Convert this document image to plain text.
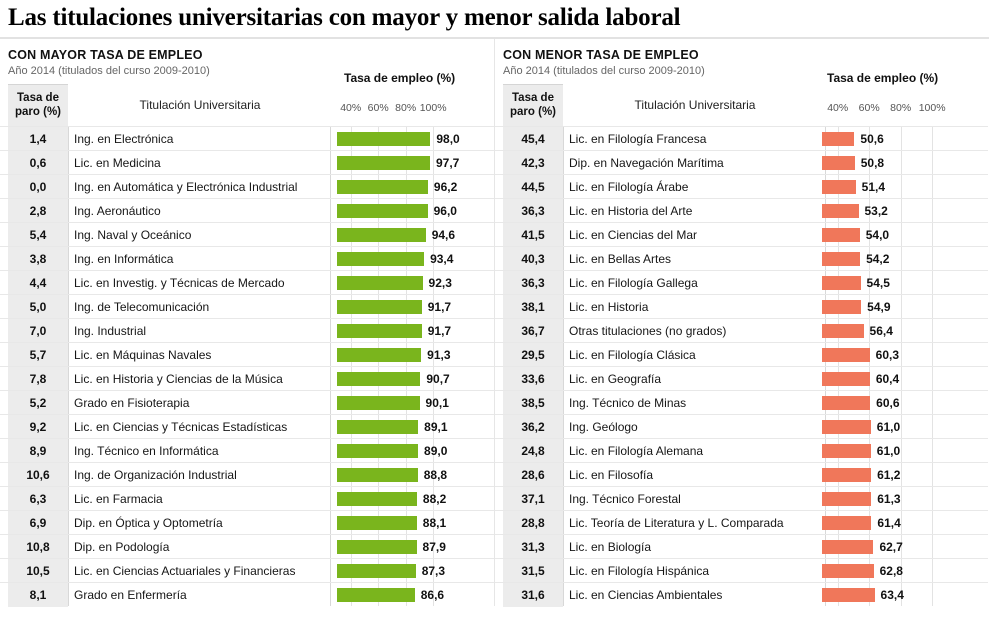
Las titulaciones universitarias con mayor y menor salida laboral
CON MAYOR TASA DE EMPLEO
Año 2014 (titulados del curso 2009-2010)	Tasa de empleo (%)
Tasa de paro (%)	Titulación Universitaria	40% 60% 80% 100%
1,4	Ing. en Electrónica	98,0
0,6	Lic. en Medicina	97,7
0,0	Ing. en Automática y Electrónica Industrial	96,2
2,8	Ing. Aeronáutico	96,0
5,4	Ing. Naval y Oceánico	94,6
3,8	Ing. en Informática	93,4
4,4	Lic. en Investig. y Técnicas de Mercado	92,3
5,0	Ing. de Telecomunicación	91,7
7,0	Ing. Industrial	91,7
5,7	Lic. en Máquinas Navales	91,3
7,8	Lic. en Historia y Ciencias de la Música	90,7
5,2	Grado en Fisioterapia	90,1
9,2	Lic. en Ciencias y Técnicas Estadísticas	89,1
8,9	Ing. Técnico en Informática	89,0
10,6	Ing. de Organización Industrial	88,8
6,3	Lic. en Farmacia	88,2
6,9	Dip. en Óptica y Optometría	88,1
10,8	Dip. en Podología	87,9
10,5	Lic. en Ciencias Actuariales y Financieras	87,3
8,1	Grado en Enfermería	86,6
CON MENOR TASA DE EMPLEO
Año 2014 (titulados del curso 2009-2010)	Tasa de empleo (%)
Tasa de paro (%)	Titulación Universitaria	40% 60% 80% 100%
45,4	Lic. en Filología Francesa	50,6
42,3	Dip. en Navegación Marítima	50,8
44,5	Lic. en Filología Árabe	51,4
36,3	Lic. en Historia del Arte	53,2
41,5	Lic. en Ciencias del Mar	54,0
40,3	Lic. en Bellas Artes	54,2
36,3	Lic. en Filología Gallega	54,5
38,1	Lic. en Historia	54,9
36,7	Otras titulaciones (no grados)	56,4
29,5	Lic. en Filología Clásica	60,3
33,6	Lic. en Geografía	60,4
38,5	Ing. Técnico de Minas	60,6
36,2	Ing. Geólogo	61,0
24,8	Lic. en Filología Alemana	61,0
28,6	Lic. en Filosofía	61,2
37,1	Ing. Técnico Forestal	61,3
28,8	Lic. Teoría de Literatura y L. Comparada	61,4
31,3	Lic. en Biología	62,7
31,5	Lic. en Filología Hispánica	62,8
31,6	Lic. en Ciencias Ambientales	63,4
